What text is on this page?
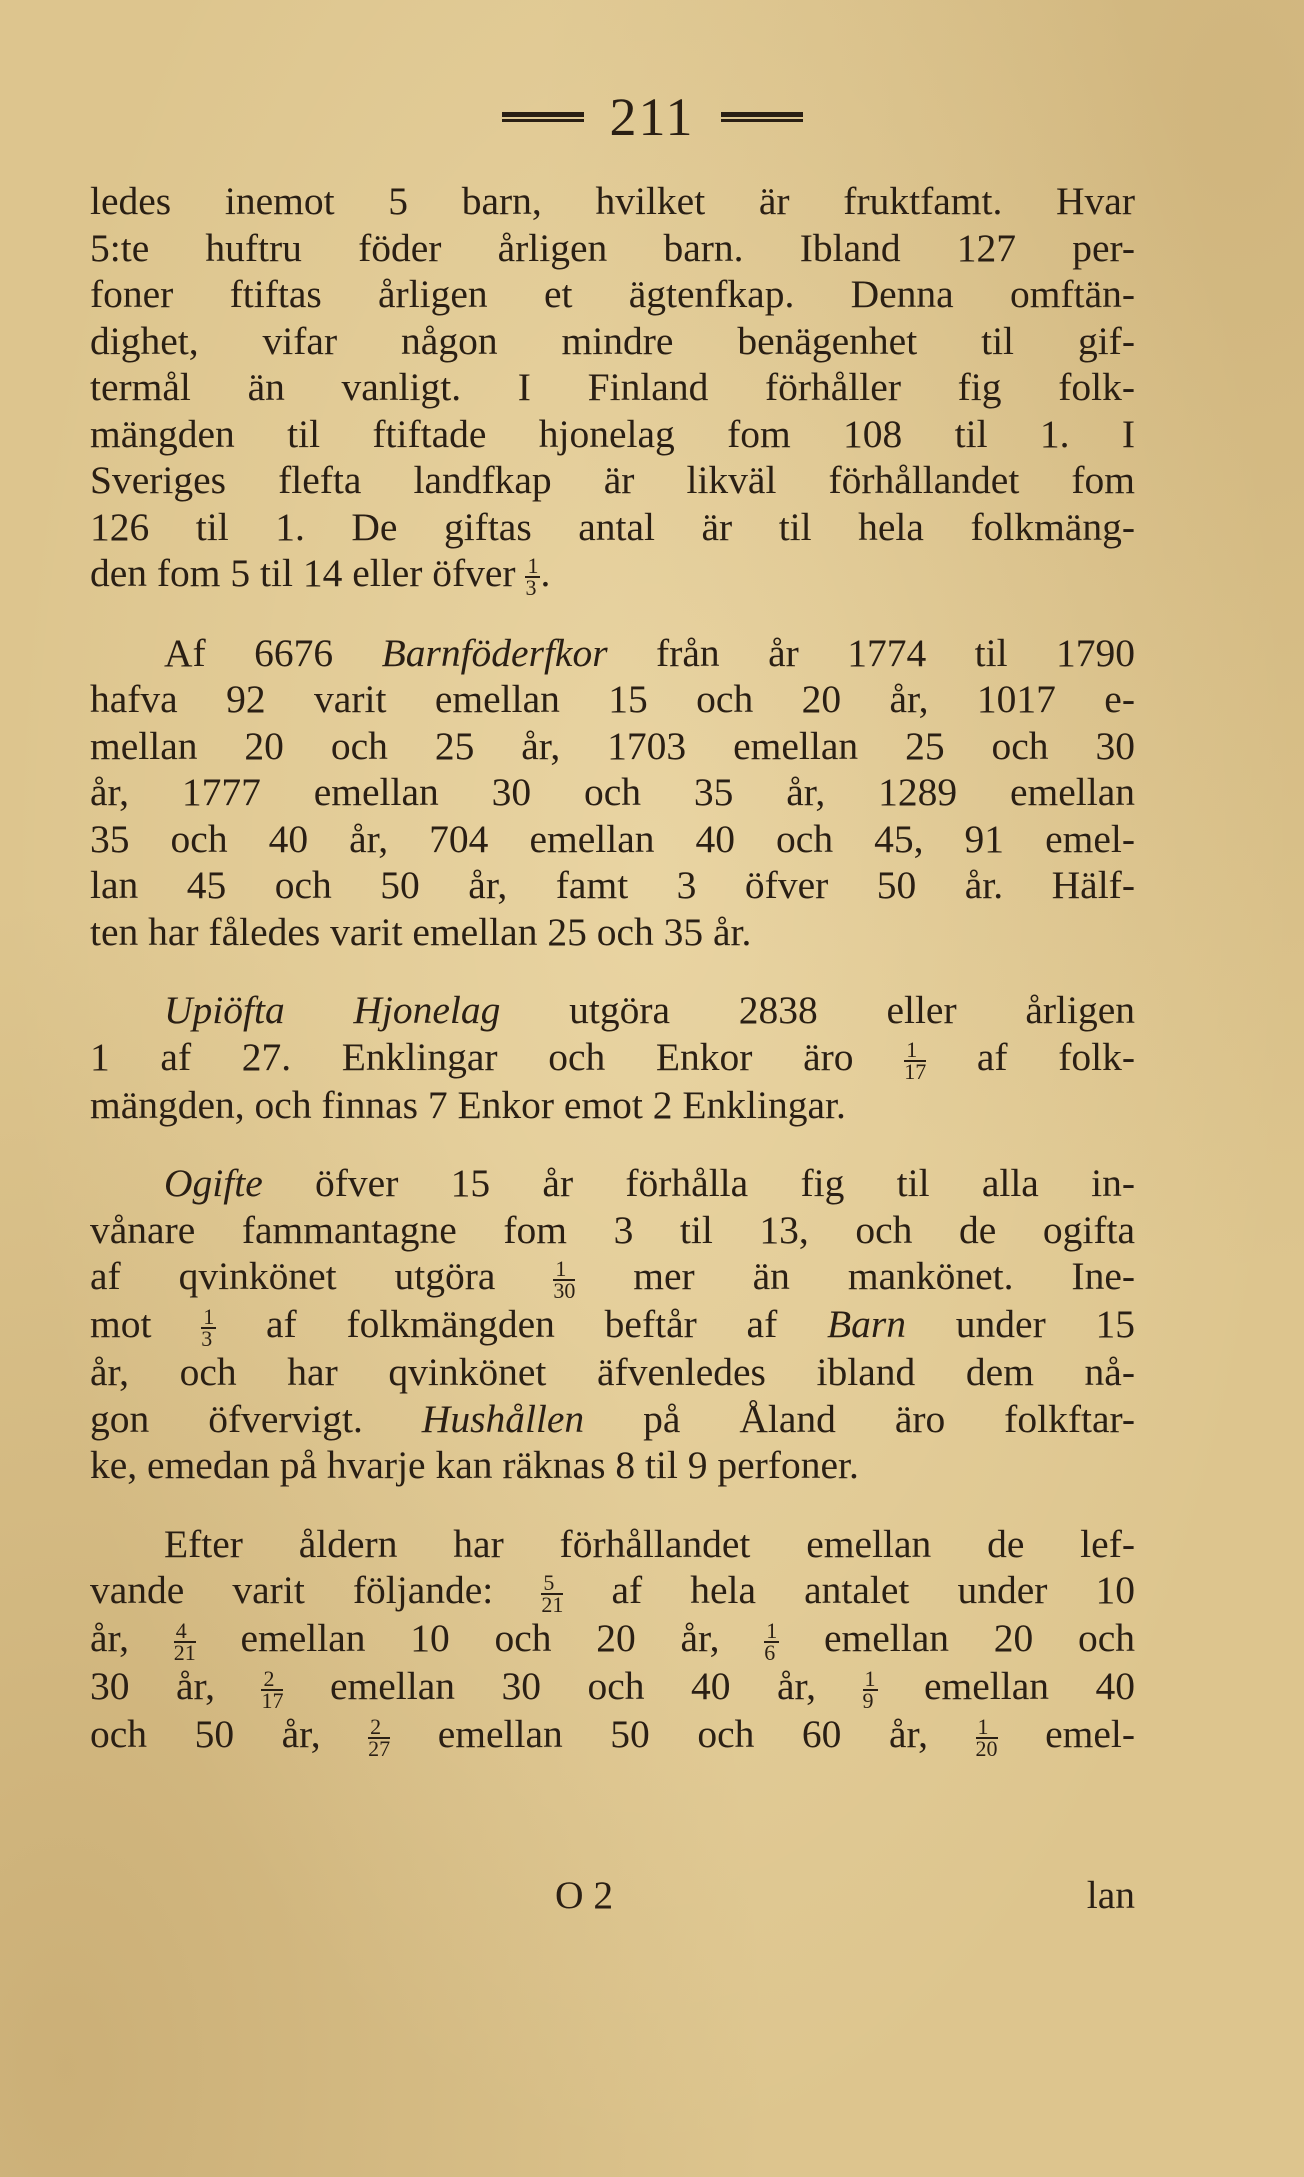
211
ledes inemot 5 barn, hvilket är fruktfamt. Hvar
5:te huftru föder årligen barn. Ibland 127 per-
foner ftiftas årligen et ägtenfkap. Denna omftän-
dighet, vifar någon mindre benägenhet til gif-
termål än vanligt. I Finland förhåller fig folk-
mängden til ftiftade hjonelag fom 108 til 1. I
Sveriges flefta landfkap är likväl förhållandet fom
126 til 1. De giftas antal är til hela folkmäng-
den fom 5 til 14 eller öfver $\frac{1}{3}$ .
Af 6676 Barnföderfkor från år 1774 til 1790
hafva 92 varit emellan 15 och 20 år, 1017 e-
mellan 20 och 25 år, 1703 emellan 25 och 30
år, 1777 emellan 30 och 35 år, 1289 emellan
35 och 40 år, 704 emellan 40 och 45, 91 emel-
lan 45 och 50 år, famt 3 öfver 50 år. Hälf-
ten har fåledes varit emellan 25 och 35 år.
Upiöfta Hjonelag utgöra 2838 eller årligen
1 af 27. Enklingar och Enkor äro $\frac{1}{17}$ af folk-
mängden, och finnas 7 Enkor emot 2 Enklingar.
Ogifte öfver 15 år förhålla fig til alla in-
vånare fammantagne fom 3 til 13, och de ogifta
af qvinkönet utgöra $\frac{1}{30}$ mer än mankönet. Ine-
mot $\frac{1}{3}$ af folkmängden beftår af Barn under 15
år, och har qvinkönet äfvenledes ibland dem nå-
gon öfvervigt. Hushållen på Åland äro folkftar-
ke, emedan på hvarje kan räknas 8 til 9 perfoner.
Efter åldern har förhållandet emellan de lef-
vande varit följande: $\frac{5}{21}$ af hela antalet under 10
år, $\frac{4}{21}$ emellan 10 och 20 år, $\frac{1}{6}$ emellan 20 och
30 år, $\frac{2}{17}$ emellan 30 och 40 år, $\frac{1}{9}$ emellan 40
och 50 år, $\frac{2}{27}$ emellan 50 och 60 år, $\frac{1}{20}$ emel-
O 2	lan
